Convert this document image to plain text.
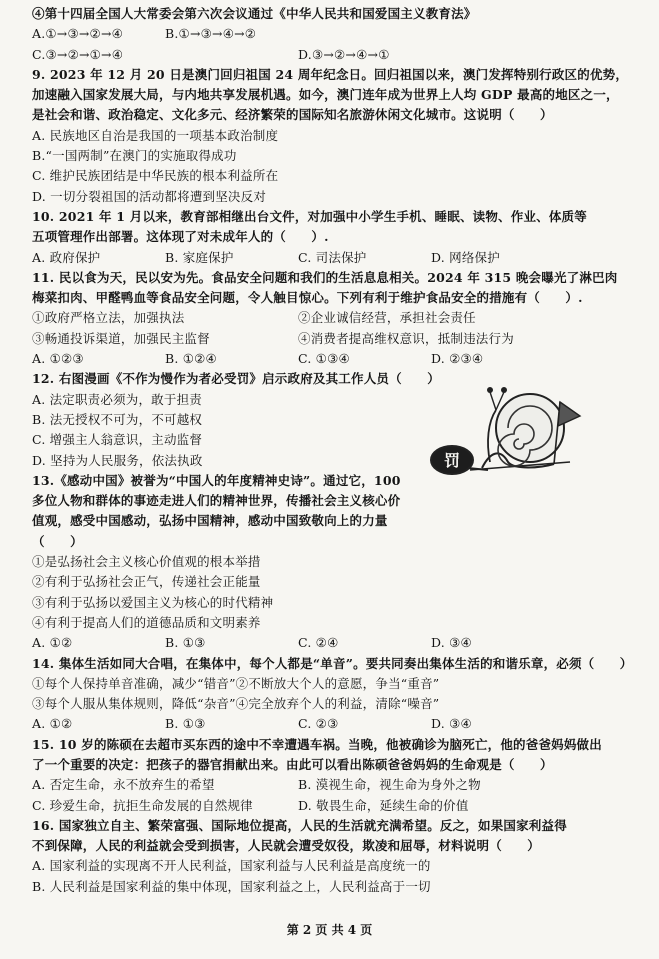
④第十四届全国人大常委会第六次会议通过《中华人民共和国爱国主义教育法》
A.①→③→②→④	B.①→③→④→②
C.③→②→①→④	D.③→②→④→①
9. 2023 年 12 月 20 日是澳门回归祖国 24 周年纪念日。回归祖国以来，澳门发挥特别行政区的优势，
加速融入国家发展大局，与内地共享发展机遇。如今，澳门连年成为世界上人均 GDP 最高的地区之一，
是社会和谐、政治稳定、文化多元、经济繁荣的国际知名旅游休闲文化城市。这说明（　　）
A. 民族地区自治是我国的一项基本政治制度
B.“一国两制”在澳门的实施取得成功
C. 维护民族团结是中华民族的根本利益所在
D. 一切分裂祖国的活动都将遭到坚决反对
10. 2021 年 1 月以来，教育部相继出台文件，对加强中小学生手机、睡眠、读物、作业、体质等
五项管理作出部署。这体现了对未成年人的（　　）.
A. 政府保护	B. 家庭保护	C. 司法保护	D. 网络保护
11. 民以食为天，民以安为先。食品安全问题和我们的生活息息相关。2024 年 315 晚会曝光了淋巴肉
梅菜扣肉、甲醛鸭血等食品安全问题，令人触目惊心。下列有利于维护食品安全的措施有（　　）.
①政府严格立法，加强执法	②企业诚信经营，承担社会责任
③畅通投诉渠道，加强民主监督	④消费者提高维权意识，抵制违法行为
A. ①②③	B. ①②④	C. ①③④	D. ②③④
12. 右图漫画《不作为慢作为者必受罚》启示政府及其工作人员（　　）
A. 法定职责必须为，敢于担责
B. 法无授权不可为，不可越权
C. 增强主人翁意识，主动监督
D. 坚持为人民服务，依法执政
13.《感动中国》被誉为“中国人的年度精神史诗”。通过它，100
多位人物和群体的事迹走进人们的精神世界，传播社会主义核心价
值观，感受中国感动，弘扬中国精神，感动中国致敬向上的力量
（　　）
①是弘扬社会主义核心价值观的根本举措
②有利于弘扬社会正气，传递社会正能量
③有利于弘扬以爱国主义为核心的时代精神
④有利于提高人们的道德品质和文明素养
A. ①②	B. ①③	C. ②④	D. ③④
14. 集体生活如同大合唱，在集体中，每个人都是“单音”。要共同奏出集体生活的和谐乐章，必须（　　）
①每个人保持单音准确，减少“错音”②不断放大个人的意愿，争当“重音”
③每个人服从集体规则，降低“杂音”④完全放弃个人的利益，清除“噪音”
A. ①②	B. ①③	C. ②③	D. ③④
15. 10 岁的陈硕在去超市买东西的途中不幸遭遇车祸。当晚，他被确诊为脑死亡，他的爸爸妈妈做出
了一个重要的决定：把孩子的器官捐献出来。由此可以看出陈硕爸爸妈妈的生命观是（　　）
A. 否定生命，永不放弃生的希望	B. 漠视生命，视生命为身外之物
C. 珍爱生命，抗拒生命发展的自然规律	D. 敬畏生命，延续生命的价值
16. 国家独立自主、繁荣富强、国际地位提高，人民的生活就充满希望。反之，如果国家利益得
不到保障，人民的利益就会受到损害，人民就会遭受奴役，欺凌和屈辱，材料说明（　　）
A. 国家利益的实现离不开人民利益，国家利益与人民利益是高度统一的
B. 人民利益是国家利益的集中体现，国家利益之上，人民利益高于一切
罚
第 2 页 共 4 页
